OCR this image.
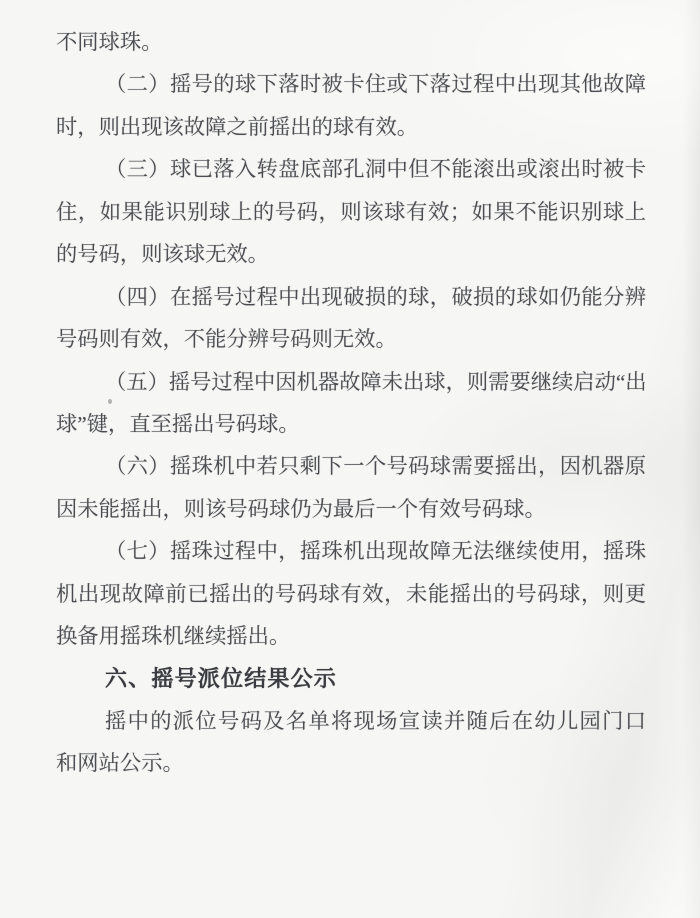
不同球珠。
（二）摇号的球下落时被卡住或下落过程中出现其他故障
时，则出现该故障之前摇出的球有效。
（三）球已落入转盘底部孔洞中但不能滚出或滚出时被卡
住，如果能识别球上的号码，则该球有效；如果不能识别球上
的号码，则该球无效。
（四）在摇号过程中出现破损的球，破损的球如仍能分辨
号码则有效，不能分辨号码则无效。
（五）摇号过程中因机器故障未出球，则需要继续启动“出
球”键，直至摇出号码球。
（六）摇珠机中若只剩下一个号码球需要摇出，因机器原
因未能摇出，则该号码球仍为最后一个有效号码球。
（七）摇珠过程中，摇珠机出现故障无法继续使用，摇珠
机出现故障前已摇出的号码球有效，未能摇出的号码球，则更
换备用摇珠机继续摇出。
六、摇号派位结果公示
摇中的派位号码及名单将现场宣读并随后在幼儿园门口
和网站公示。
